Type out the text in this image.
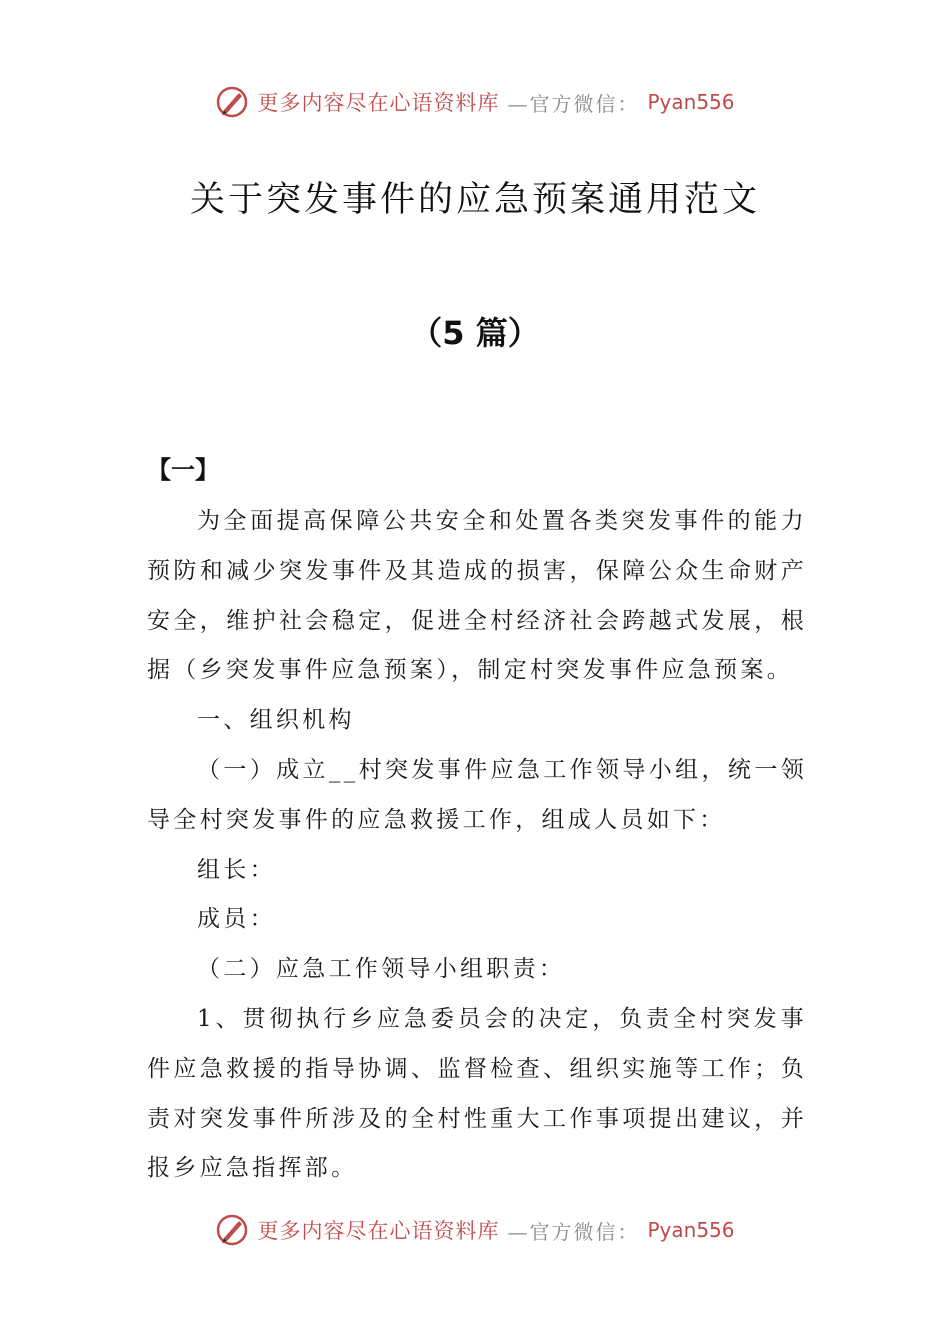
更多内容尽在心语资料库 —官方微信： Pyan556
关于突发事件的应急预案通用范文
（5 篇）
【一】

为全面提高保障公共安全和处置各类突发事件的能力预防和减少突发事件及其造成的损害，保障公众生命财产安全，维护社会稳定，促进全村经济社会跨越式发展，根据（乡突发事件应急预案），制定村突发事件应急预案。

一、组织机构

（一）成立__村突发事件应急工作领导小组，统一领导全村突发事件的应急救援工作，组成人员如下：

组长：

成员：

（二）应急工作领导小组职责：

1、贯彻执行乡应急委员会的决定，负责全村突发事件应急救援的指导协调、监督检查、组织实施等工作；负责对突发事件所涉及的全村性重大工作事项提出建议，并报乡应急指挥部。

更多内容尽在心语资料库 —官方微信： Pyan556
